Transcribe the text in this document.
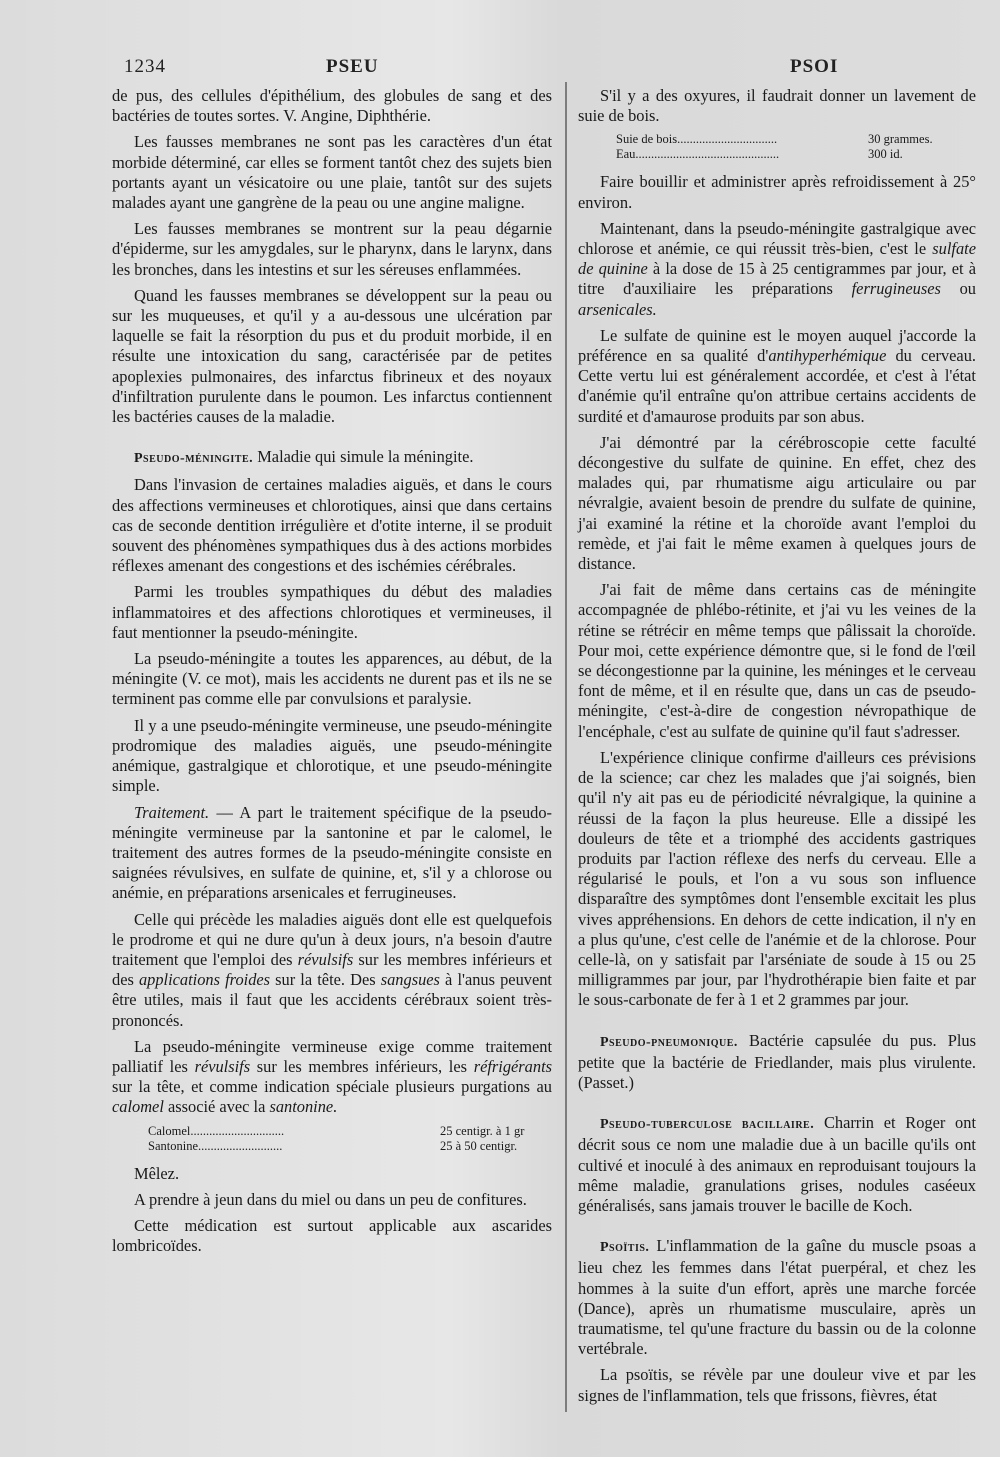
1234	PSEU	PSOI

de pus, des cellules d'épithélium, des globules de sang et des bactéries de toutes sortes. V. Angine, Diphthérie.

Les fausses membranes ne sont pas les caractères d'un état morbide déterminé, car elles se forment tantôt chez des sujets bien portants ayant un vésicatoire ou une plaie, tantôt sur des sujets malades ayant une gangrène de la peau ou une angine maligne.

Les fausses membranes se montrent sur la peau dégarnie d'épiderme, sur les amygdales, sur le pharynx, dans le larynx, dans les bronches, dans les intestins et sur les séreuses enflammées.

Quand les fausses membranes se développent sur la peau ou sur les muqueuses, et qu'il y a au-dessous une ulcération par laquelle se fait la résorption du pus et du produit morbide, il en résulte une intoxication du sang, caractérisée par de petites apoplexies pulmonaires, des infarctus fibrineux et des noyaux d'infiltration purulente dans le poumon. Les infarctus contiennent les bactéries causes de la maladie.

Pseudo-méningite. Maladie qui simule la méningite.

Dans l'invasion de certaines maladies aiguës, et dans le cours des affections vermineuses et chlorotiques, ainsi que dans certains cas de seconde dentition irrégulière et d'otite interne, il se produit souvent des phénomènes sympathiques dus à des actions morbides réflexes amenant des congestions et des ischémies cérébrales.

Parmi les troubles sympathiques du début des maladies inflammatoires et des affections chlorotiques et vermineuses, il faut mentionner la pseudo-méningite.

La pseudo-méningite a toutes les apparences, au début, de la méningite (V. ce mot), mais les accidents ne durent pas et ils ne se terminent pas comme elle par convulsions et paralysie.

Il y a une pseudo-méningite vermineuse, une pseudo-méningite prodromique des maladies aiguës, une pseudo-méningite anémique, gastralgique et chlorotique, et une pseudo-méningite simple.

Traitement. — A part le traitement spécifique de la pseudo-méningite vermineuse par la santonine et par le calomel, le traitement des autres formes de la pseudo-méningite consiste en saignées révulsives, en sulfate de quinine, et, s'il y a chlorose ou anémie, en préparations arsenicales et ferrugineuses.

Celle qui précède les maladies aiguës dont elle est quelquefois le prodrome et qui ne dure qu'un à deux jours, n'a besoin d'autre traitement que l'emploi des révulsifs sur les membres inférieurs et des applications froides sur la tête. Des sangsues à l'anus peuvent être utiles, mais il faut que les accidents cérébraux soient très-prononcés.

La pseudo-méningite vermineuse exige comme traitement palliatif les révulsifs sur les membres inférieurs, les réfrigérants sur la tête, et comme indication spéciale plusieurs purgations au calomel associé avec la santonine.

Calomel..............................	25 centigr. à 1 gr
Santonine...........................	25 à 50 centigr.

Mêlez.

A prendre à jeun dans du miel ou dans un peu de confitures.

Cette médication est surtout applicable aux ascarides lombricoïdes.

S'il y a des oxyures, il faudrait donner un lavement de suie de bois.

Suie de bois................................	30 grammes.
Eau..............................................	300 id.

Faire bouillir et administrer après refroidissement à 25° environ.

Maintenant, dans la pseudo-méningite gastralgique avec chlorose et anémie, ce qui réussit très-bien, c'est le sulfate de quinine à la dose de 15 à 25 centigrammes par jour, et à titre d'auxiliaire les préparations ferrugineuses ou arsenicales.

Le sulfate de quinine est le moyen auquel j'accorde la préférence en sa qualité d'antihyperhémique du cerveau. Cette vertu lui est généralement accordée, et c'est à l'état d'anémie qu'il entraîne qu'on attribue certains accidents de surdité et d'amaurose produits par son abus.

J'ai démontré par la cérébroscopie cette faculté décongestive du sulfate de quinine. En effet, chez des malades qui, par rhumatisme aigu articulaire ou par névralgie, avaient besoin de prendre du sulfate de quinine, j'ai examiné la rétine et la choroïde avant l'emploi du remède, et j'ai fait le même examen à quelques jours de distance.

J'ai fait de même dans certains cas de méningite accompagnée de phlébo-rétinite, et j'ai vu les veines de la rétine se rétrécir en même temps que pâlissait la choroïde. Pour moi, cette expérience démontre que, si le fond de l'œil se décongestionne par la quinine, les méninges et le cerveau font de même, et il en résulte que, dans un cas de pseudo-méningite, c'est-à-dire de congestion névropathique de l'encéphale, c'est au sulfate de quinine qu'il faut s'adresser.

L'expérience clinique confirme d'ailleurs ces prévisions de la science; car chez les malades que j'ai soignés, bien qu'il n'y ait pas eu de périodicité névralgique, la quinine a réussi de la façon la plus heureuse. Elle a dissipé les douleurs de tête et a triomphé des accidents gastriques produits par l'action réflexe des nerfs du cerveau. Elle a régularisé le pouls, et l'on a vu sous son influence disparaître des symptômes dont l'ensemble excitait les plus vives appréhensions. En dehors de cette indication, il n'y en a plus qu'une, c'est celle de l'anémie et de la chlorose. Pour celle-là, on y satisfait par l'arséniate de soude à 15 ou 25 milligrammes par jour, par l'hydrothérapie bien faite et par le sous-carbonate de fer à 1 et 2 grammes par jour.

Pseudo-pneumonique. Bactérie capsulée du pus. Plus petite que la bactérie de Friedlander, mais plus virulente. (Passet.)

Pseudo-tuberculose bacillaire. Charrin et Roger ont décrit sous ce nom une maladie due à un bacille qu'ils ont cultivé et inoculé à des animaux en reproduisant toujours la même maladie, granulations grises, nodules caséeux généralisés, sans jamais trouver le bacille de Koch.

Psoïtis. L'inflammation de la gaîne du muscle psoas a lieu chez les femmes dans l'état puerpéral, et chez les hommes à la suite d'un effort, après une marche forcée (Dance), après un rhumatisme musculaire, après un traumatisme, tel qu'une fracture du bassin ou de la colonne vertébrale.

La psoïtis, se révèle par une douleur vive et par les signes de l'inflammation, tels que frissons, fièvres, état
